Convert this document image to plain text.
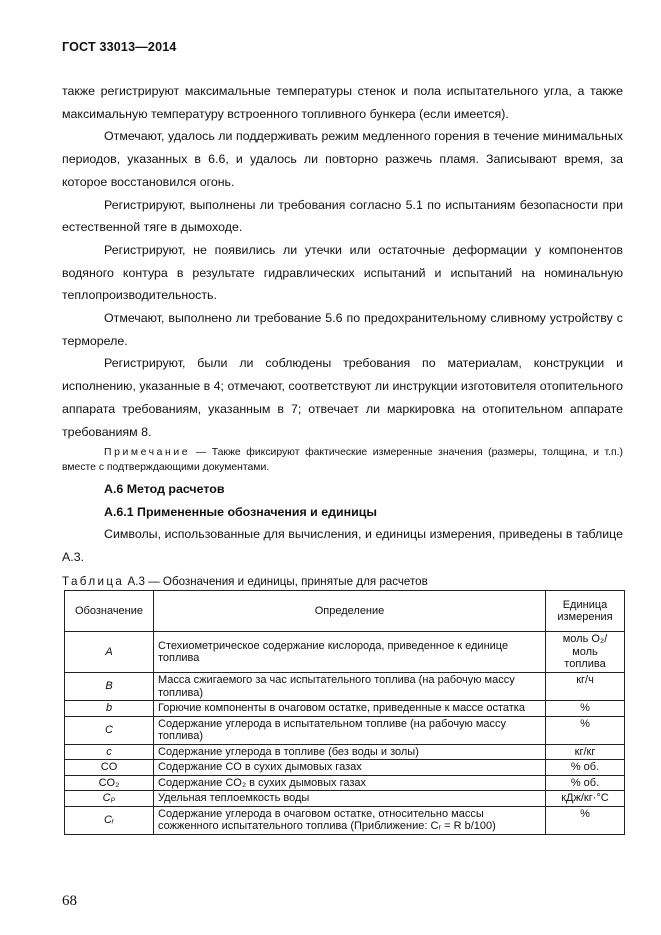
ГОСТ 33013—2014

также регистрируют максимальные температуры стенок и пола испытательного угла, а также максимальную температуру встроенного топливного бункера (если имеется).

Отмечают, удалось ли поддерживать режим медленного горения в течение минимальных периодов, указанных в 6.6, и удалось ли повторно разжечь пламя. Записывают время, за которое восстановился огонь.

Регистрируют, выполнены ли требования согласно 5.1 по испытаниям безопасности при естественной тяге в дымоходе.

Регистрируют, не появились ли утечки или остаточные деформации у компонентов водяного контура в результате гидравлических испытаний и испытаний на номинальную теплопроизводительность.

Отмечают, выполнено ли требование 5.6 по предохранительному сливному устройству с термореле.

Регистрируют, были ли соблюдены требования по материалам, конструкции и исполнению, указанные в 4; отмечают, соответствуют ли инструкции изготовителя отопительного аппарата требованиям, указанным в 7; отвечает ли маркировка на отопительном аппарате требованиям 8.

Примечание — Также фиксируют фактические измеренные значения (размеры, толщина, и т.п.) вместе с подтверждающими документами.

А.6 Метод расчетов

А.6.1 Примененные обозначения и единицы

Символы, использованные для вычисления, и единицы измерения, приведены в таблице А.3.

Таблица А.3 — Обозначения и единицы, принятые для расчетов
Обозначение	Определение	Единица измерения
A	Стехиометрическое содержание кислорода, приведенное к единице топлива	моль O₂/ моль топлива
B	Масса сжигаемого за час испытательного топлива (на рабочую массу топлива)	кг/ч
b	Горючие компоненты в очаговом остатке, приведенные к массе остатка	%
C	Содержание углерода в испытательном топливе (на рабочую массу топлива)	%
c	Содержание углерода в топливе (без воды и золы)	кг/кг
CO	Содержание CO в сухих дымовых газах	% об.
CO₂	Содержание CO₂ в сухих дымовых газах	% об.
Cₚ	Удельная теплоемкость воды	кДж/кг·°С
Cᵣ	Содержание углерода в очаговом остатке, относительно массы сожженного испытательного топлива (Приближение: Cᵣ = R b/100)	%
68
